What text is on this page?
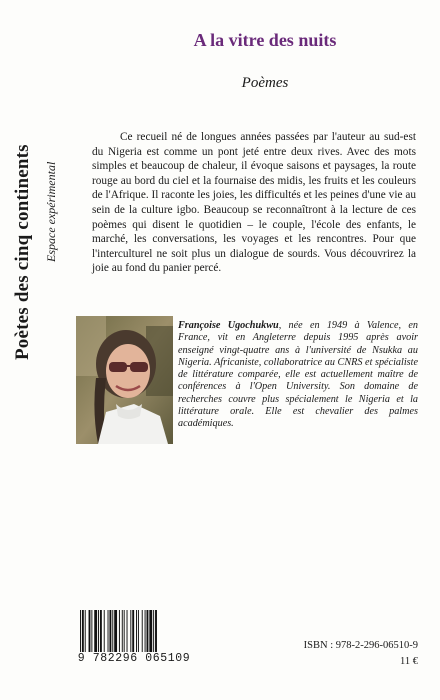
Poètes des cinq continents Espace expérimental
A la vitre des nuits
Poèmes

Ce recueil né de longues années passées par l'auteur au sud-est du Nigeria est comme un pont jeté entre deux rives. Avec des mots simples et beaucoup de chaleur, il évoque saisons et paysages, la route rouge au bord du ciel et la fournaise des midis, les fruits et les couleurs de l'Afrique. Il raconte les joies, les difficultés et les peines d'une vie au sein de la culture igbo. Beaucoup se reconnaîtront à la lecture de ces poèmes qui disent le quotidien – le couple, l'école des enfants, le marché, les conversations, les voyages et les rencontres. Pour que l'interculturel ne soit plus un dialogue de sourds. Vous découvrirez la joie au fond du panier percé.

Françoise Ugochukwu, née en 1949 à Valence, en France, vit en Angleterre depuis 1995 après avoir enseigné vingt-quatre ans à l'université de Nsukka au Nigeria. Africaniste, collaboratrice au CNRS et spécialiste de littérature comparée, elle est actuellement maître de conférences à l'Open University. Son domaine de recherches couvre plus spécialement le Nigeria et la littérature orale. Elle est chevalier des palmes académiques.

9 782296 065109
ISBN : 978-2-296-06510-9
11 €
